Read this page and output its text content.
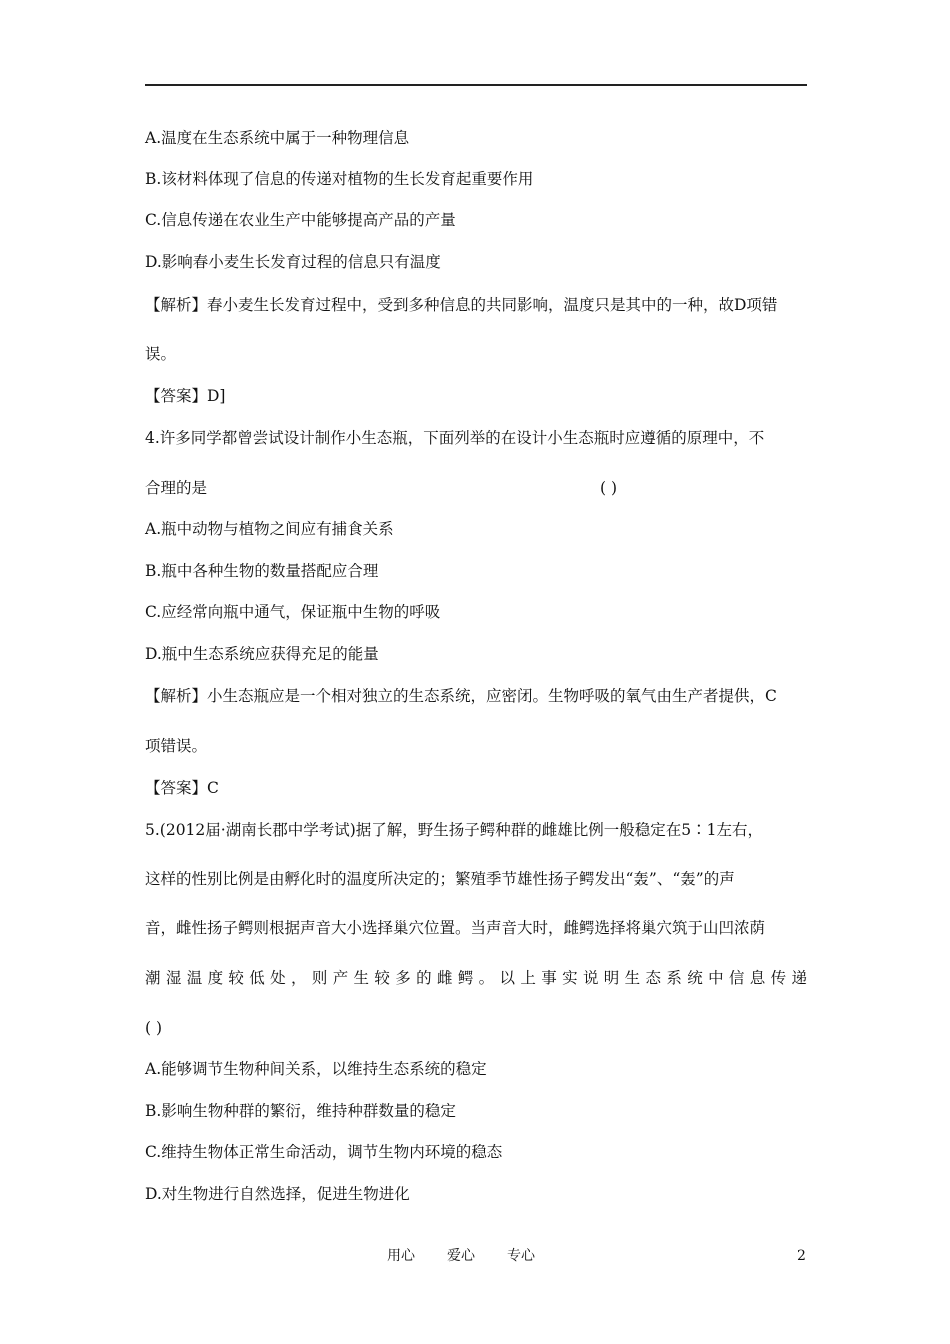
A.温度在生态系统中属于一种物理信息
B.该材料体现了信息的传递对植物的生长发育起重要作用
C.信息传递在农业生产中能够提高产品的产量
D.影响春小麦生长发育过程的信息只有温度
【解析】春小麦生长发育过程中，受到多种信息的共同影响，温度只是其中的一种，故D项错
误。
【答案】D]
4.许多同学都曾尝试设计制作小生态瓶，下面列举的在设计小生态瓶时应遵循的原理中，不
合理的是	( )
A.瓶中动物与植物之间应有捕食关系
B.瓶中各种生物的数量搭配应合理
C.应经常向瓶中通气，保证瓶中生物的呼吸
D.瓶中生态系统应获得充足的能量
【解析】小生态瓶应是一个相对独立的生态系统，应密闭。生物呼吸的氧气由生产者提供，C
项错误。
【答案】C
5.(2012届·湖南长郡中学考试)据了解，野生扬子鳄种群的雌雄比例一般稳定在5∶1左右，
这样的性别比例是由孵化时的温度所决定的；繁殖季节雄性扬子鳄发出“轰”、“轰”的声
音，雌性扬子鳄则根据声音大小选择巢穴位置。当声音大时，雌鳄选择将巢穴筑于山凹浓荫
潮湿温度较低处，则产生较多的雌鳄。以上事实说明生态系统中信息传递
( )
A.能够调节生物种间关系，以维持生态系统的稳定
B.影响生物种群的繁衍，维持种群数量的稳定
C.维持生物体正常生命活动，调节生物内环境的稳态
D.对生物进行自然选择，促进生物进化
用心 爱心 专心	2
